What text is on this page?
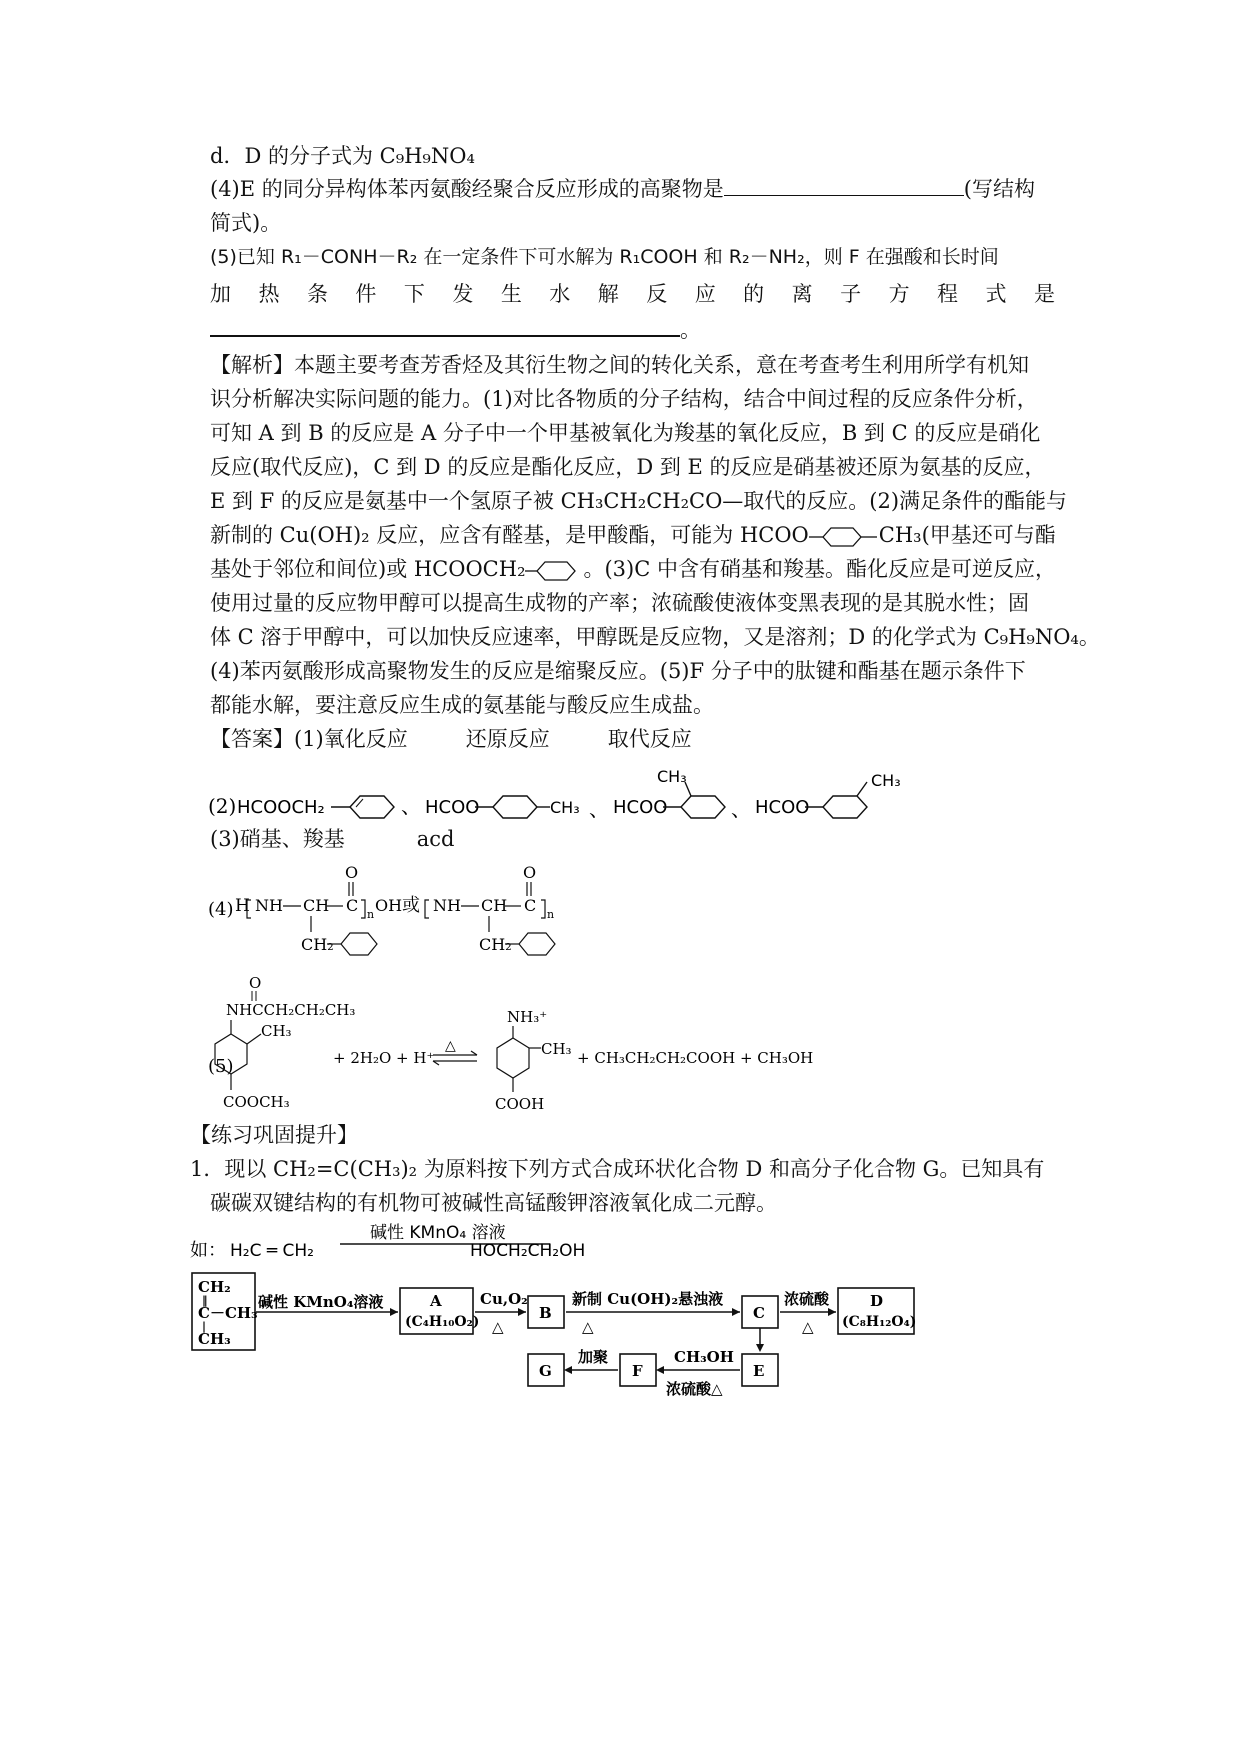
d．D 的分子式为 C₉H₉NO₄
(4)E 的同分异构体苯丙氨酸经聚合反应形成的高聚物是	(写结构
简式)。
(5)已知 R₁－CONH－R₂ 在一定条件下可水解为 R₁COOH 和 R₂－NH₂，则 F 在强酸和长时间
加 热 条 件 下 发 生 水 解 反 应 的 离 子 方 程 式 是
。
【解析】本题主要考查芳香烃及其衍生物之间的转化关系，意在考查考生利用所学有机知
识分析解决实际问题的能力。(1)对比各物质的分子结构，结合中间过程的反应条件分析，
可知 A 到 B 的反应是 A 分子中一个甲基被氧化为羧基的氧化反应，B 到 C 的反应是硝化
反应(取代反应)，C 到 D 的反应是酯化反应，D 到 E 的反应是硝基被还原为氨基的反应，
E 到 F 的反应是氨基中一个氢原子被 CH₃CH₂CH₂CO—取代的反应。(2)满足条件的酯能与
新制的 Cu(OH)₂ 反应，应含有醛基，是甲酸酯，可能为 HCOO	CH₃(甲基还可与酯
基处于邻位和间位)或 HCOOCH₂	。(3)C 中含有硝基和羧基。酯化反应是可逆反应，
使用过量的反应物甲醇可以提高生成物的产率；浓硫酸使液体变黑表现的是其脱水性；固
体 C 溶于甲醇中，可以加快反应速率，甲醇既是反应物，又是溶剂；D 的化学式为 C₉H₉NO₄。
(4)苯丙氨酸形成高聚物发生的反应是缩聚反应。(5)F 分子中的肽键和酯基在题示条件下
都能水解，要注意反应生成的氨基能与酸反应生成盐。
【答案】(1)氧化反应	还原反应	取代反应
(2) HCOOCH₂	、 HCOO	CH₃ 、 HCOO
CH₃
、 HCOO
CH₃
(3)硝基、羧基	acd
(4) H NH CH C
O
n OH
CH₂
或 NH CH C
O
n
CH₂
(5)
O
NHCCH₂CH₂CH₃
CH₃
COOCH₃
+ 2H₂O + H⁺
△
NH₃⁺
CH₃
COOH
+ CH₃CH₂CH₂COOH + CH₃OH
【练习巩固提升】
1．现以 CH₂=C(CH₃)₂ 为原料按下列方式合成环状化合物 D 和高分子化合物 G。已知具有
碳碳双键结构的有机物可被碱性高锰酸钾溶液氧化成二元醇。
如： H₂C ═ CH₂
碱性 KMnO₄ 溶液
HOCH₂CH₂OH
CH₂
‖
C－CH₃
|
CH₃
碱性 KMnO₄溶液	A
(C₄H₁₀O₂)
Cu,O₂
△
B
新制 Cu(OH)₂悬浊液
△
C
浓硫酸
△
D
(C₈H₁₂O₄)
E
CH₃OH
浓硫酸△
F
加聚
G
